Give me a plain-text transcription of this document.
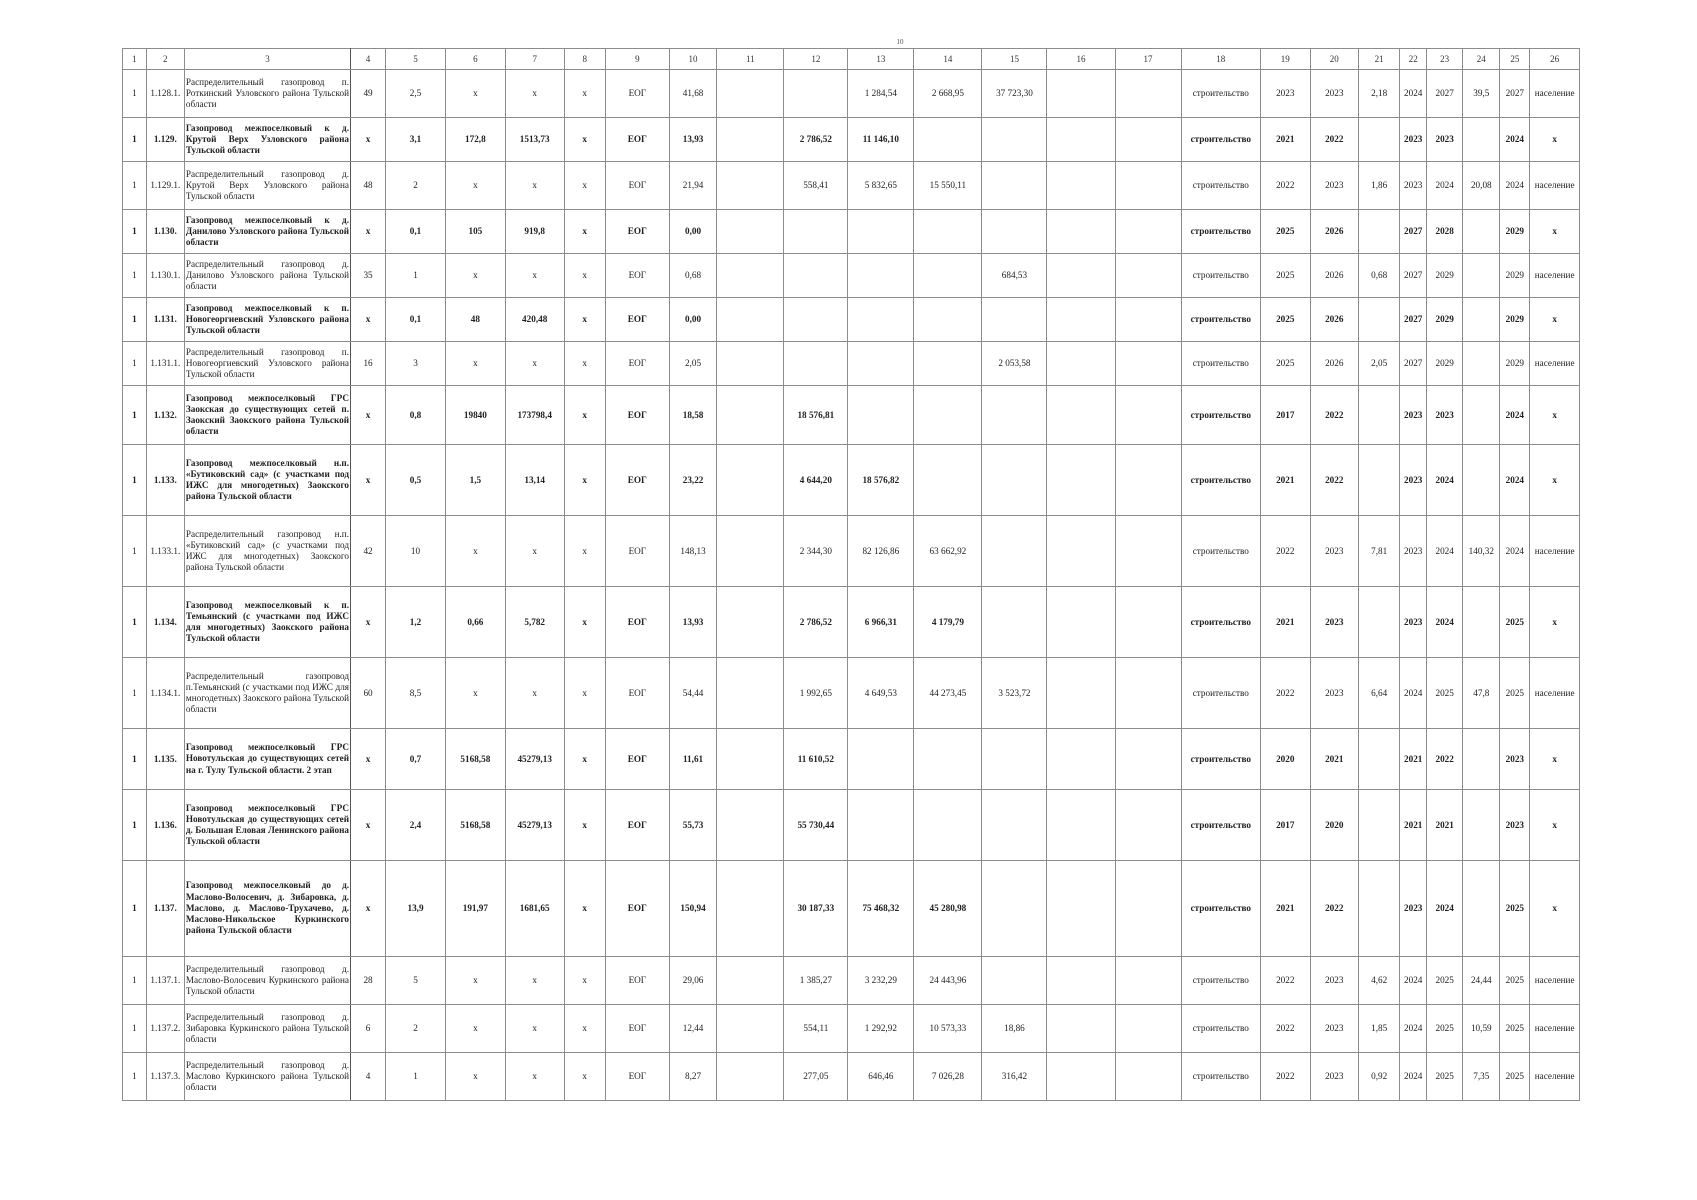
10
1	2	3	4	5	6	7	8	9	10	11	12	13	14	15	16	17	18	19	20	21	22	23	24	25	26
1	1.128.1.	Распределительный газопровод п. Роткинский Узловского района Тульской области	49	2,5	х	х	х	ЕОГ	41,68			1 284,54	2 668,95	37 723,30			строительство	2023	2023	2,18	2024	2027	39,5	2027	население
1	1.129.	Газопровод межпоселковый к д. Крутой Верх Узловского района Тульской области	х	3,1	172,8	1513,73	х	ЕОГ	13,93		2 786,52	11 146,10					строительство	2021	2022		2023	2023		2024	х
1	1.129.1.	Распределительный газопровод д. Крутой Верх Узловского района Тульской области	48	2	х	х	х	ЕОГ	21,94		558,41	5 832,65	15 550,11				строительство	2022	2023	1,86	2023	2024	20,08	2024	население
1	1.130.	Газопровод межпоселковый к д. Данилово Узловского района Тульской области	х	0,1	105	919,8	х	ЕОГ	0,00								строительство	2025	2026		2027	2028		2029	х
1	1.130.1.	Распределительный газопровод д. Данилово Узловского района Тульской области	35	1	х	х	х	ЕОГ	0,68					684,53			строительство	2025	2026	0,68	2027	2029		2029	население
1	1.131.	Газопровод межпоселковый к п. Новогеоргиевский Узловского района Тульской области	х	0,1	48	420,48	х	ЕОГ	0,00								строительство	2025	2026		2027	2029		2029	х
1	1.131.1.	Распределительный газопровод п. Новогеоргиевский Узловского района Тульской области	16	3	х	х	х	ЕОГ	2,05					2 053,58			строительство	2025	2026	2,05	2027	2029		2029	население
1	1.132.	Газопровод межпоселковый ГРС Заокская до существующих сетей п. Заокский Заокского района Тульской области	х	0,8	19840	173798,4	х	ЕОГ	18,58		18 576,81						строительство	2017	2022		2023	2023		2024	х
1	1.133.	Газопровод межпоселковый н.п. «Бутиковский сад» (с участками под ИЖС для многодетных) Заокского района Тульской области	х	0,5	1,5	13,14	х	ЕОГ	23,22		4 644,20	18 576,82					строительство	2021	2022		2023	2024		2024	х
1	1.133.1.	Распределительный газопровод н.п. «Бутиковский сад» (с участками под ИЖС для многодетных) Заокского района Тульской области	42	10	х	х	х	ЕОГ	148,13		2 344,30	82 126,86	63 662,92				строительство	2022	2023	7,81	2023	2024	140,32	2024	население
1	1.134.	Газопровод межпоселковый к п. Темьянский (с участками под ИЖС для многодетных) Заокского района Тульской области	х	1,2	0,66	5,782	х	ЕОГ	13,93		2 786,52	6 966,31	4 179,79				строительство	2021	2023		2023	2024		2025	х
1	1.134.1.	Распределительный газопровод п.Темьянский (с участками под ИЖС для многодетных) Заокского района Тульской области	60	8,5	х	х	х	ЕОГ	54,44		1 992,65	4 649,53	44 273,45	3 523,72			строительство	2022	2023	6,64	2024	2025	47,8	2025	население
1	1.135.	Газопровод межпоселковый ГРС Новотульская до существующих сетей на г. Тулу Тульской области. 2 этап	х	0,7	5168,58	45279,13	х	ЕОГ	11,61		11 610,52						строительство	2020	2021		2021	2022		2023	х
1	1.136.	Газопровод межпоселковый ГРС Новотульская до существующих сетей д. Большая Еловая Ленинского района Тульской области	х	2,4	5168,58	45279,13	х	ЕОГ	55,73		55 730,44						строительство	2017	2020		2021	2021		2023	х
1	1.137.	Газопровод межпоселковый до д. Маслово-Волосевич, д. Зибаровка, д. Маслово, д. Маслово-Трухачево, д. Маслово-Никольское Куркинского района Тульской области	х	13,9	191,97	1681,65	х	ЕОГ	150,94		30 187,33	75 468,32	45 280,98				строительство	2021	2022		2023	2024		2025	х
1	1.137.1.	Распределительный газопровод д. Маслово-Волосевич Куркинского района Тульской области	28	5	х	х	х	ЕОГ	29,06		1 385,27	3 232,29	24 443,96				строительство	2022	2023	4,62	2024	2025	24,44	2025	население
1	1.137.2.	Распределительный газопровод д. Зибаровка Куркинского района Тульской области	6	2	х	х	х	ЕОГ	12,44		554,11	1 292,92	10 573,33	18,86			строительство	2022	2023	1,85	2024	2025	10,59	2025	население
1	1.137.3.	Распределительный газопровод д. Маслово Куркинского района Тульской области	4	1	х	х	х	ЕОГ	8,27		277,05	646,46	7 026,28	316,42			строительство	2022	2023	0,92	2024	2025	7,35	2025	население
